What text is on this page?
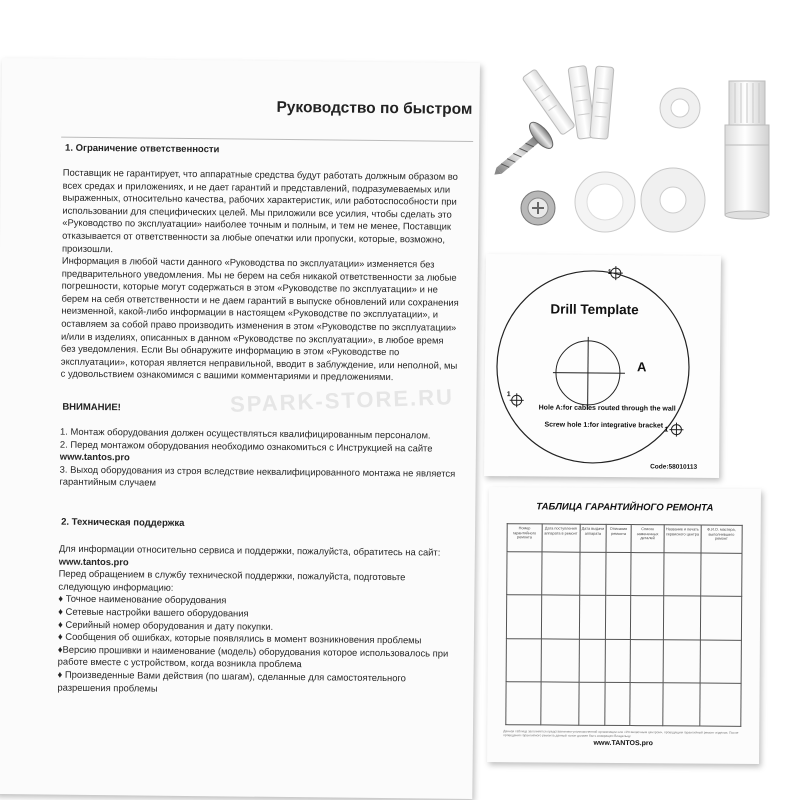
Руководство по быстром
1. Ограничение ответственности
Поставщик не гарантирует, что аппаратные средства будут работать должным образом во
всех средах и приложениях, и не дает гарантий и представлений, подразумеваемых или
выраженных, относительно качества, рабочих характеристик, или работоспособности при
использовании для специфических целей. Мы приложили все усилия, чтобы сделать это
«Руководство по эксплуатации» наиболее точным и полным, и тем не менее, Поставщик
отказывается от ответственности за любые опечатки или пропуски, которые, возможно,
произошли.
Информация в любой части данного «Руководства по эксплуатации» изменяется без
предварительного уведомления. Мы не берем на себя никакой ответственности за любые
погрешности, которые могут содержаться в этом «Руководстве по эксплуатации» и не
берем на себя ответственности и не даем гарантий в выпуске обновлений или сохранения
неизменной, какой-либо информации в настоящем «Руководстве по эксплуатации», и
оставляем за собой право производить изменения в этом «Руководстве по эксплуатации»
и/или в изделиях, описанных в данном «Руководстве по эксплуатации», в любое время
без уведомления. Если Вы обнаружите информацию в этом «Руководстве по
эксплуатации», которая является неправильной, вводит в заблуждение, или неполной, мы
с удовольствием ознакомимся с вашими комментариями и предложениями.
ВНИМАНИЕ!
1. Монтаж оборудования должен осуществляться квалифицированным персоналом.
2. Перед монтажом оборудования необходимо ознакомиться с Инструкцией на сайте
www.tantos.pro
3. Выход оборудования из строя вследствие неквалифицированного монтажа не является
гарантийным случаем
2. Техническая поддержка
Для информации относительно сервиса и поддержки, пожалуйста, обратитесь на сайт:
www.tantos.pro
Перед обращением в службу технической поддержки, пожалуйста, подготовьте
следующую информацию:
♦ Точное наименование оборудования
♦ Сетевые настройки вашего оборудования
♦ Серийный номер оборудования и дату покупки.
♦ Сообщения об ошибках, которые появлялись в момент возникновения проблемы
♦Версию прошивки и наименование (модель) оборудования которое использовалось при
работе вместе с устройством, когда возникла проблема
♦ Произведенные Вами действия (по шагам), сделанные для самостоятельного
разрешения проблемы
SPARK-STORE.RU
Drill Template
A
1
1
1
Hole A:for cables routed through the wall
Screw hole 1:for integrative bracket
Code:58010113
ТАБЛИЦА ГАРАНТИЙНОГО РЕМОНТА
Номер гарантийного ремонта	Дата поступления аппарата в ремонт	Дата выдачи аппарата	Описание ремонта	Список замененных деталей	Название и печать сервисного центра	Ф.И.О. мастера, выполнившего ремонт

Данная таблица заполняется представителем уполномоченной организации или «Установочным центром», проводящим гарантийный ремонт изделия. После проведения гарантийного ремонта данный талон должен быть возвращен Владельцу.
www.TANTOS.pro
